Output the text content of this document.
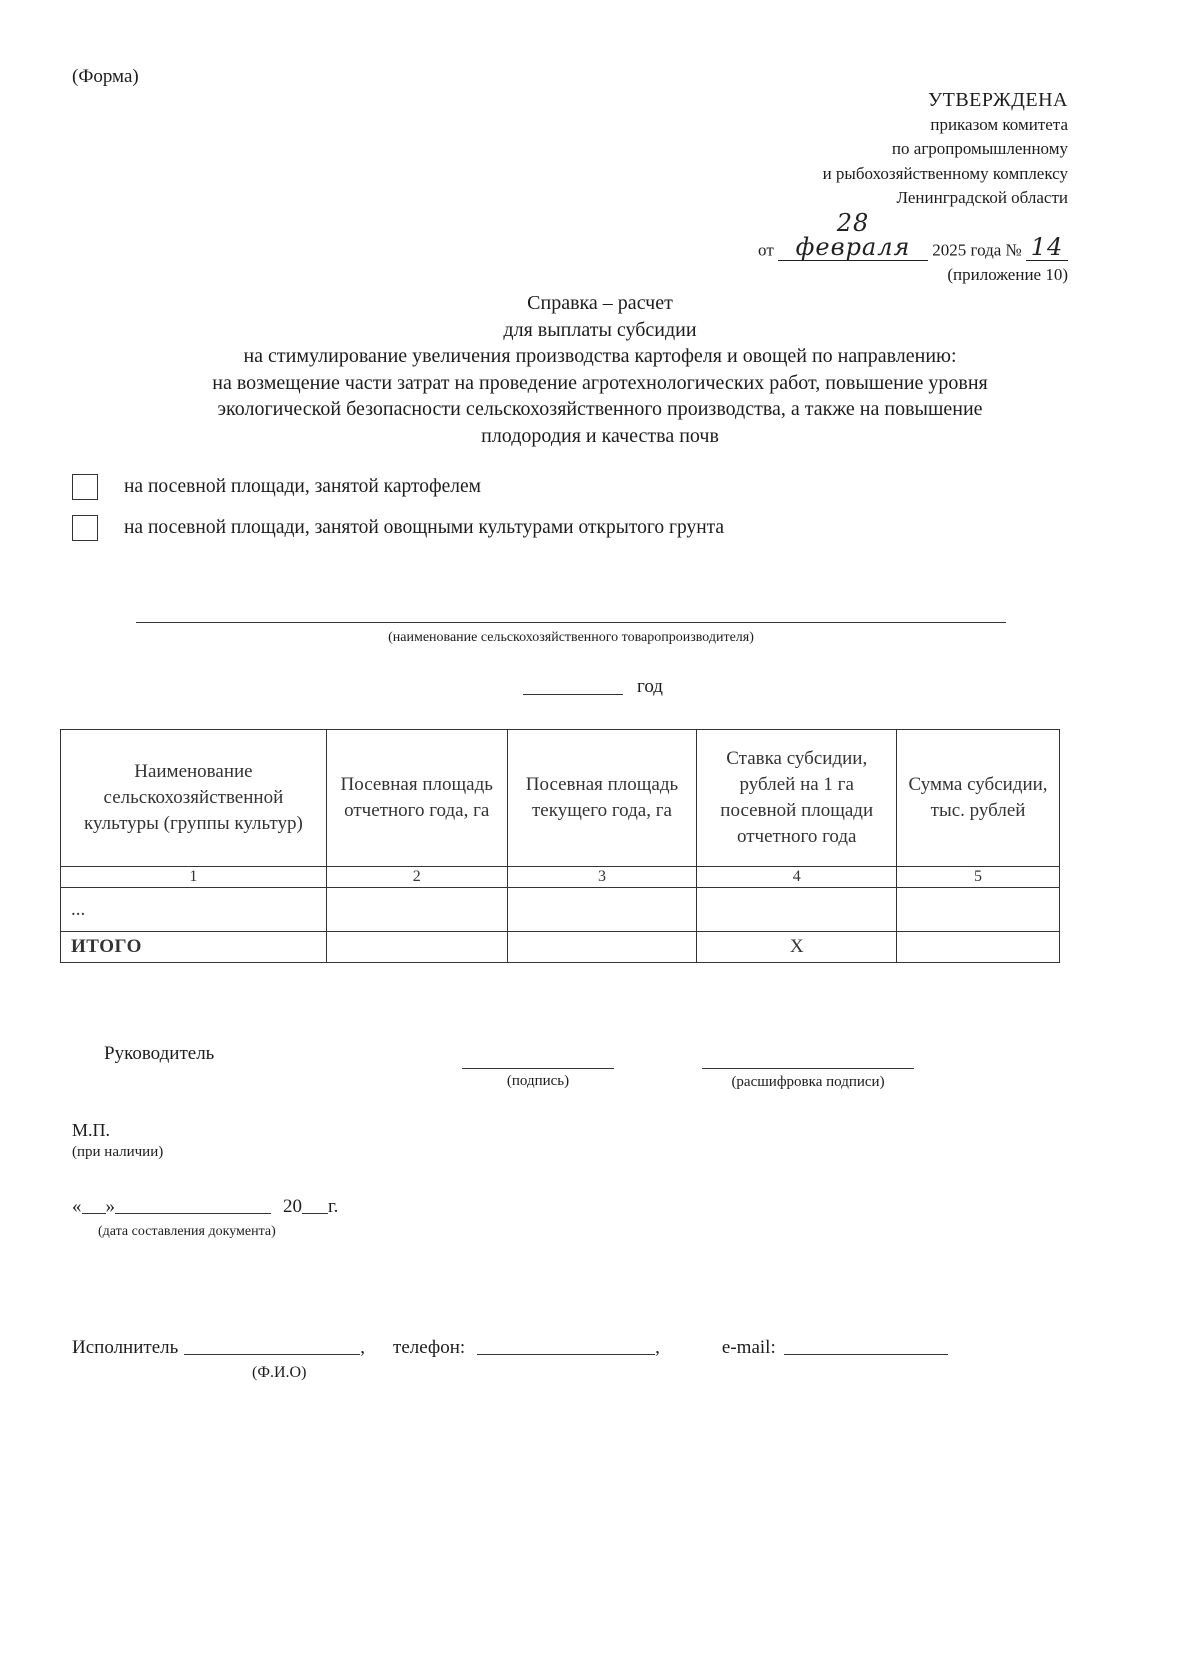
(Форма)
УТВЕРЖДЕНА
приказом комитета
по агропромышленному
и рыбохозяйственному комплексу
Ленинградской области
от 28 февраля 2025 года № 14
(приложение 10)
Справка – расчет
для выплаты субсидии
на стимулирование увеличения производства картофеля и овощей по направлению:
на возмещение части затрат на проведение агротехнологических работ, повышение уровня
экологической безопасности сельскохозяйственного производства, а также на повышение
плодородия и качества почв
на посевной площади, занятой картофелем
на посевной площади, занятой овощными культурами открытого грунта
(наименование сельскохозяйственного товаропроизводителя)
год
Наименование сельскохозяйственной культуры (группы культур)	Посевная площадь отчетного года, га	Посевная площадь текущего года, га	Ставка субсидии, рублей на 1 га посевной площади отчетного года	Сумма субсидии, тыс. рублей

1	2	3	4	5
...				
ИТОГО			Х	
Руководитель
(подпись)	(расшифровка подписи)
М.П.
(при наличии)
« »	20 г.
(дата составления документа)
Исполнитель	, телефон:	,	e-mail:
(Ф.И.О)
